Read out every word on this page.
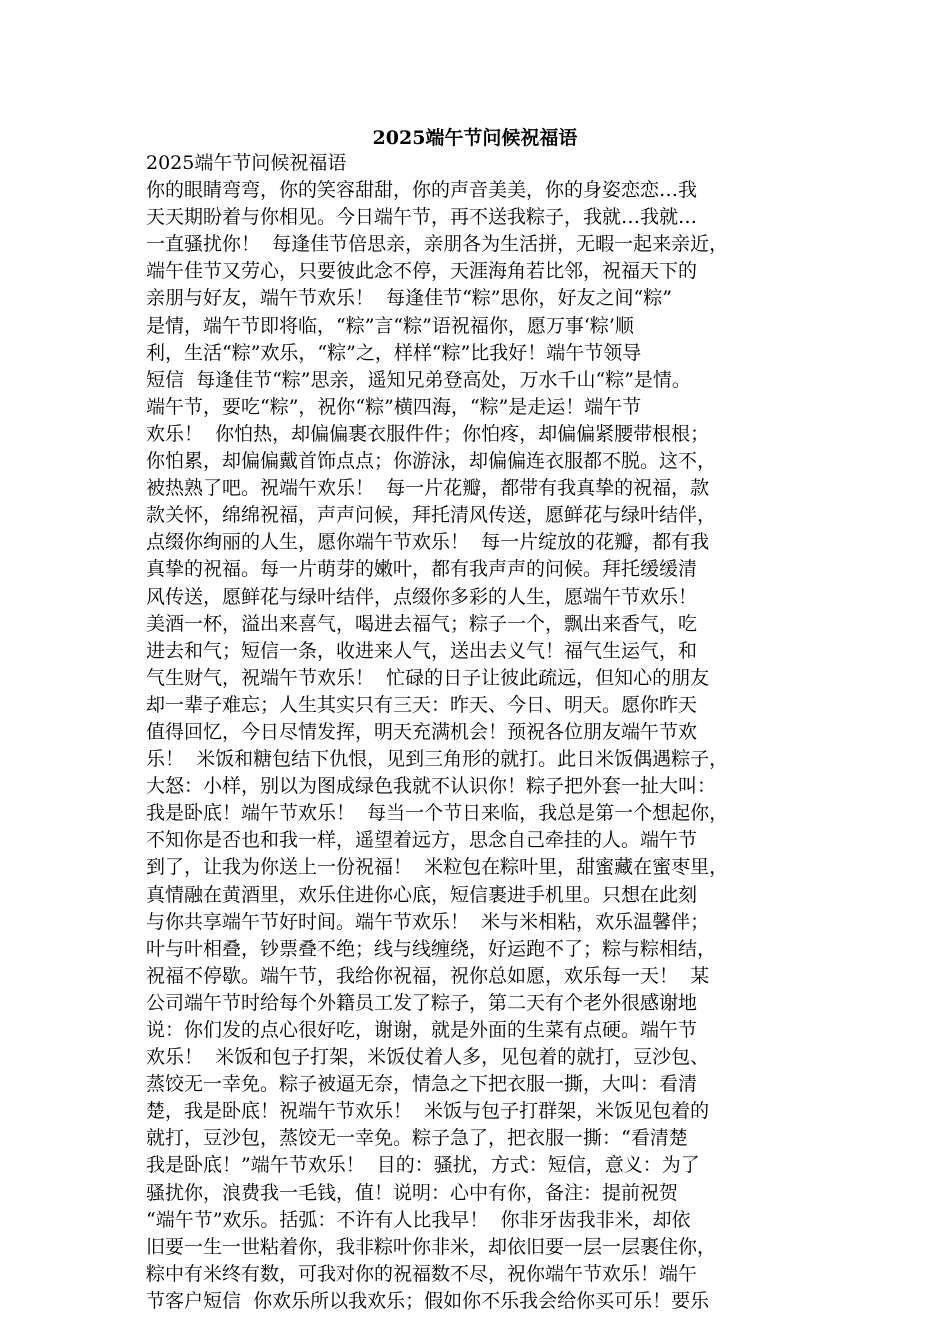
2025端午节问候祝福语
2025端午节问候祝福语
你的眼睛弯弯，你的笑容甜甜，你的声音美美，你的身姿恋恋…我
天天期盼着与你相见。今日端午节，再不送我粽子，我就…我就…
一直骚扰你！  每逢佳节倍思亲，亲朋各为生活拼，无暇一起来亲近，
端午佳节又劳心，只要彼此念不停，天涯海角若比邻，祝福天下的
亲朋与好友，端午节欢乐！  每逢佳节“粽”思你，好友之间“粽”
是情，端午节即将临，“粽”言“粽”语祝福你，愿万事‘粽’顺
利，生活“粽”欢乐，“粽”之，样样“粽”比我好！端午节领导
短信  每逢佳节“粽”思亲，遥知兄弟登高处，万水千山“粽”是情。
端午节，要吃“粽”，祝你“粽”横四海，“粽”是走运！端午节
欢乐！  你怕热，却偏偏裹衣服件件；你怕疼，却偏偏紧腰带根根；
你怕累，却偏偏戴首饰点点；你游泳，却偏偏连衣服都不脱。这不，
被热熟了吧。祝端午欢乐！  每一片花瓣，都带有我真挚的祝福，款
款关怀，绵绵祝福，声声问候，拜托清风传送，愿鲜花与绿叶结伴，
点缀你绚丽的人生，愿你端午节欢乐！  每一片绽放的花瓣，都有我
真挚的祝福。每一片萌芽的嫩叶，都有我声声的问候。拜托缓缓清
风传送，愿鲜花与绿叶结伴，点缀你多彩的人生，愿端午节欢乐！
美酒一杯，溢出来喜气，喝进去福气；粽子一个，飘出来香气，吃
进去和气；短信一条，收进来人气，送出去义气！福气生运气，和
气生财气，祝端午节欢乐！  忙碌的日子让彼此疏远，但知心的朋友
却一辈子难忘；人生其实只有三天：昨天、今日、明天。愿你昨天
值得回忆，今日尽情发挥，明天充满机会！预祝各位朋友端午节欢
乐！  米饭和糖包结下仇恨，见到三角形的就打。此日米饭偶遇粽子，
大怒：小样，别以为图成绿色我就不认识你！粽子把外套一扯大叫：
我是卧底！端午节欢乐！  每当一个节日来临，我总是第一个想起你，
不知你是否也和我一样，遥望着远方，思念自己牵挂的人。端午节
到了，让我为你送上一份祝福！  米粒包在粽叶里，甜蜜藏在蜜枣里，
真情融在黄酒里，欢乐住进你心底，短信裹进手机里。只想在此刻
与你共享端午节好时间。端午节欢乐！  米与米相粘，欢乐温馨伴；
叶与叶相叠，钞票叠不绝；线与线缠绕，好运跑不了；粽与粽相结，
祝福不停歇。端午节，我给你祝福，祝你总如愿，欢乐每一天！  某
公司端午节时给每个外籍员工发了粽子，第二天有个老外很感谢地
说：你们发的点心很好吃，谢谢，就是外面的生菜有点硬。端午节
欢乐！  米饭和包子打架，米饭仗着人多，见包着的就打，豆沙包、
蒸饺无一幸免。粽子被逼无奈，情急之下把衣服一撕，大叫：看清
楚，我是卧底！祝端午节欢乐！  米饭与包子打群架，米饭见包着的
就打，豆沙包，蒸饺无一幸免。粽子急了，把衣服一撕：“看清楚
我是卧底！”端午节欢乐！  目的：骚扰，方式：短信，意义：为了
骚扰你，浪费我一毛钱，值！说明：心中有你，备注：提前祝贺
“端午节”欢乐。括弧：不许有人比我早！  你非牙齿我非米，却依
旧要一生一世粘着你，我非粽叶你非米，却依旧要一层一层裹住你，
粽中有米终有数，可我对你的祝福数不尽，祝你端午节欢乐！端午
节客户短信  你欢乐所以我欢乐；假如你不乐我会给你买可乐！要乐
